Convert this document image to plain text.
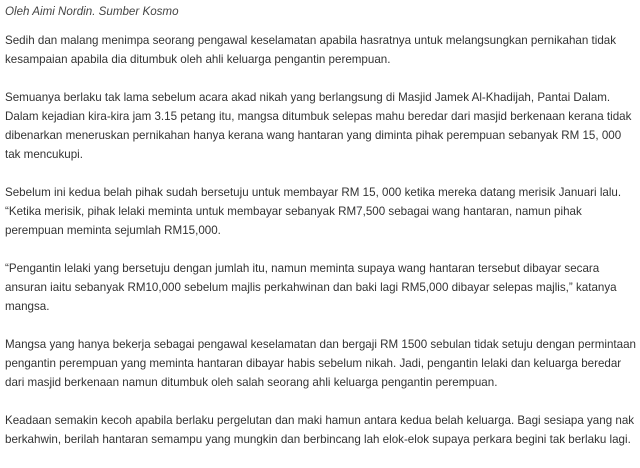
Oleh Aimi Nordin. Sumber Kosmo

Sedih dan malang menimpa seorang pengawal keselamatan apabila hasratnya untuk melangsungkan pernikahan tidak
kesampaian apabila dia ditumbuk oleh ahli keluarga pengantin perempuan.

Semuanya berlaku tak lama sebelum acara akad nikah yang berlangsung di Masjid Jamek Al-Khadijah, Pantai Dalam.
Dalam kejadian kira-kira jam 3.15 petang itu, mangsa ditumbuk selepas mahu beredar dari masjid berkenaan kerana tidak
dibenarkan meneruskan pernikahan hanya kerana wang hantaran yang diminta pihak perempuan sebanyak RM 15, 000
tak mencukupi.

Sebelum ini kedua belah pihak sudah bersetuju untuk membayar RM 15, 000 ketika mereka datang merisik Januari lalu.
“Ketika merisik, pihak lelaki meminta untuk membayar sebanyak RM7,500 sebagai wang hantaran, namun pihak
perempuan meminta sejumlah RM15,000.

“Pengantin lelaki yang bersetuju dengan jumlah itu, namun meminta supaya wang hantaran tersebut dibayar secara
ansuran iaitu sebanyak RM10,000 sebelum majlis perkahwinan dan baki lagi RM5,000 dibayar selepas majlis,” katanya
mangsa.

Mangsa yang hanya bekerja sebagai pengawal keselamatan dan bergaji RM 1500 sebulan tidak setuju dengan permintaan
pengantin perempuan yang meminta hantaran dibayar habis sebelum nikah. Jadi, pengantin lelaki dan keluarga beredar
dari masjid berkenaan namun ditumbuk oleh salah seorang ahli keluarga pengantin perempuan.

Keadaan semakin kecoh apabila berlaku pergelutan dan maki hamun antara kedua belah keluarga. Bagi sesiapa yang nak
berkahwin, berilah hantaran semampu yang mungkin dan berbincang lah elok-elok supaya perkara begini tak berlaku lagi.
